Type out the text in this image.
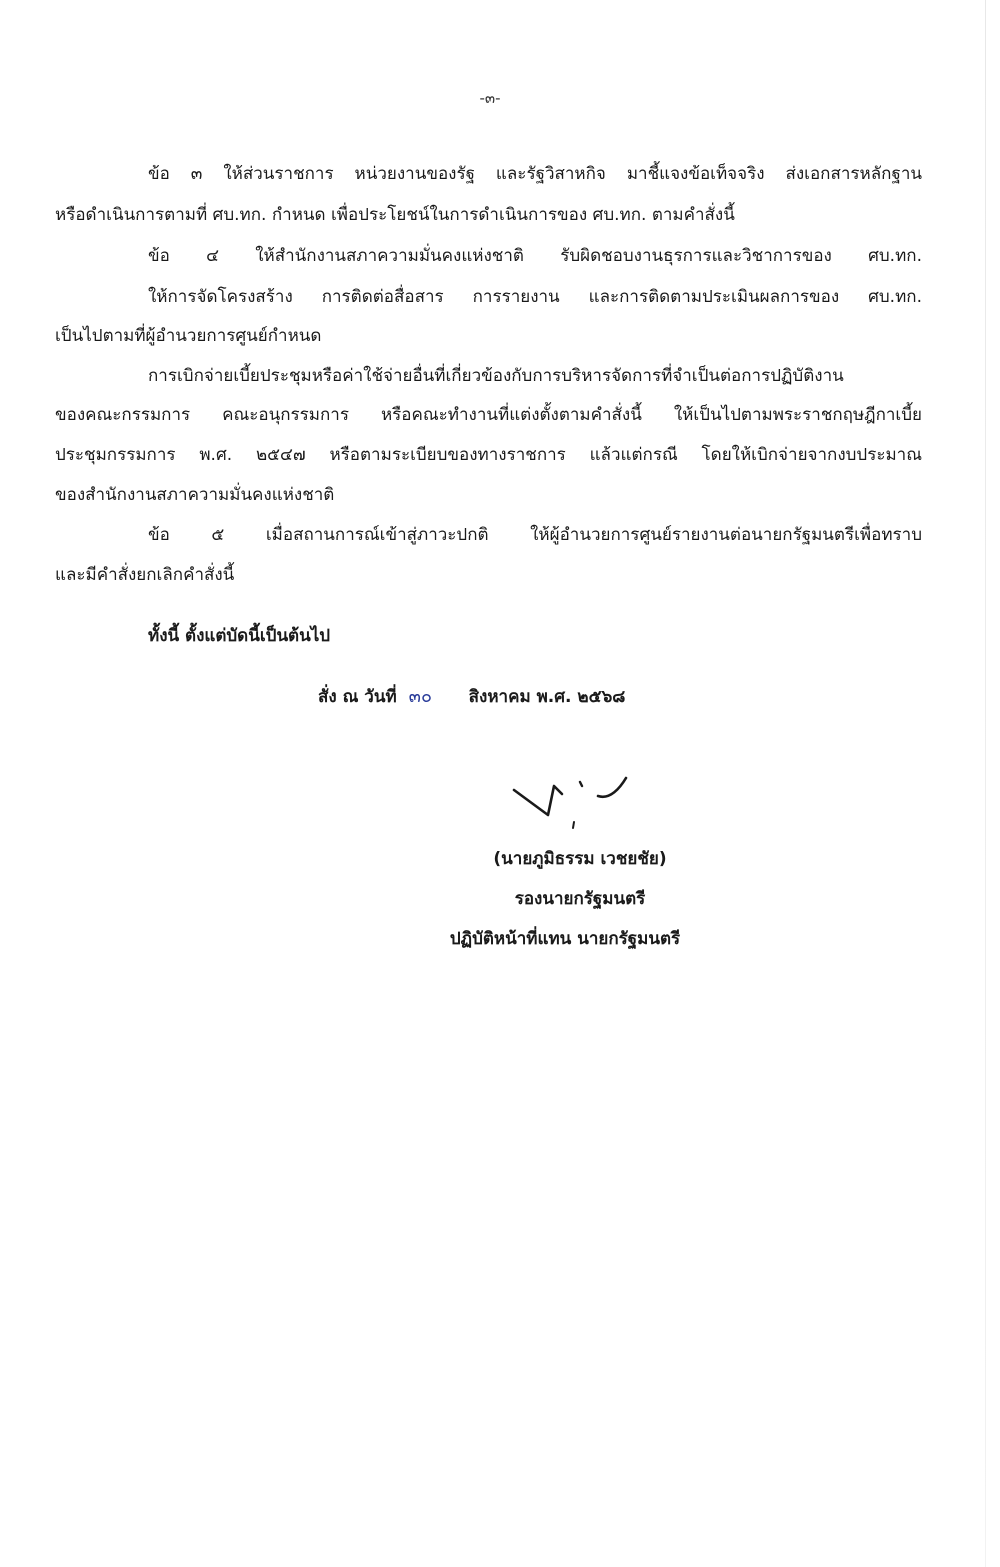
-๓-
ข้อ ๓ ให้ส่วนราชการ หน่วยงานของรัฐ และรัฐวิสาหกิจ มาชี้แจงข้อเท็จจริง ส่งเอกสารหลักฐาน
หรือดำเนินการตามที่ ศบ.ทก. กำหนด เพื่อประโยชน์ในการดำเนินการของ ศบ.ทก. ตามคำสั่งนี้
ข้อ ๔ ให้สำนักงานสภาความมั่นคงแห่งชาติ รับผิดชอบงานธุรการและวิชาการของ ศบ.ทก.
ให้การจัดโครงสร้าง การติดต่อสื่อสาร การรายงาน และการติดตามประเมินผลการของ ศบ.ทก.
เป็นไปตามที่ผู้อำนวยการศูนย์กำหนด
การเบิกจ่ายเบี้ยประชุมหรือค่าใช้จ่ายอื่นที่เกี่ยวข้องกับการบริหารจัดการที่จำเป็นต่อการปฏิบัติงาน
ของคณะกรรมการ คณะอนุกรรมการ หรือคณะทำงานที่แต่งตั้งตามคำสั่งนี้ ให้เป็นไปตามพระราชกฤษฎีกาเบี้ย
ประชุมกรรมการ พ.ศ. ๒๕๔๗ หรือตามระเบียบของทางราชการ แล้วแต่กรณี โดยให้เบิกจ่ายจากงบประมาณ
ของสำนักงานสภาความมั่นคงแห่งชาติ
ข้อ ๕ เมื่อสถานการณ์เข้าสู่ภาวะปกติ ให้ผู้อำนวยการศูนย์รายงานต่อนายกรัฐมนตรีเพื่อทราบ
และมีคำสั่งยกเลิกคำสั่งนี้
ทั้งนี้ ตั้งแต่บัดนี้เป็นต้นไป
สั่ง ณ วันที่ ๓๐ สิงหาคม พ.ศ. ๒๕๖๘
(นายภูมิธรรม เวชยชัย)
รองนายกรัฐมนตรี
ปฏิบัติหน้าที่แทน นายกรัฐมนตรี
